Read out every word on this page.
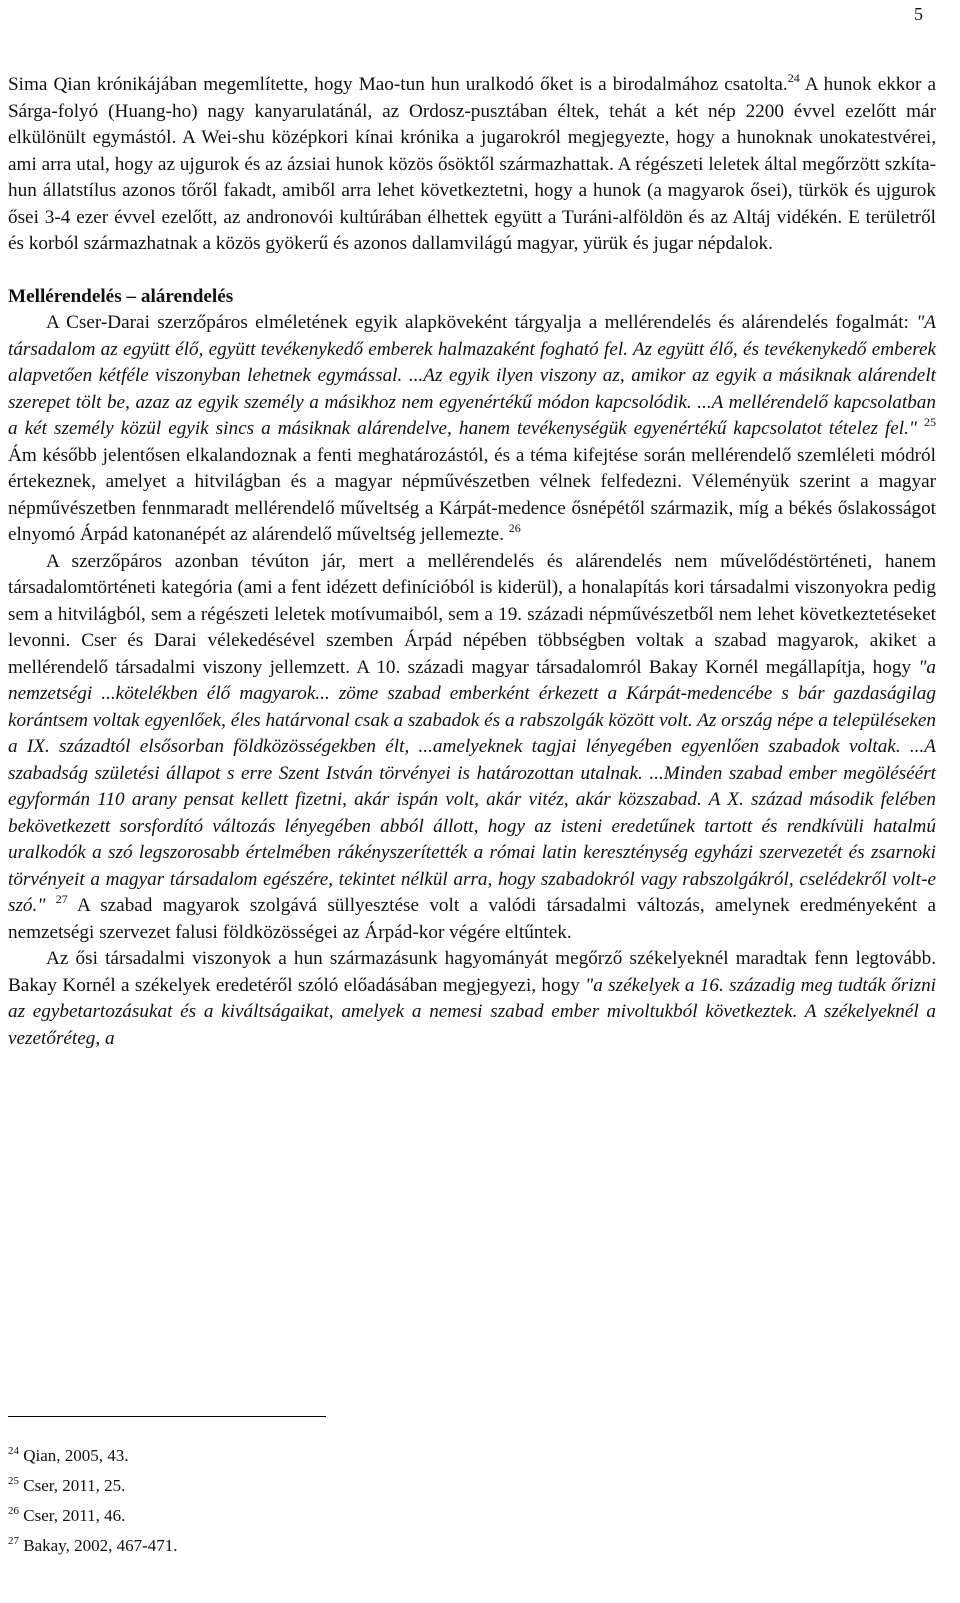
5

Sima Qian krónikájában megemlítette, hogy Mao-tun hun uralkodó őket is a birodalmához csatolta.$^{24}$ A hunok ekkor a Sárga-folyó (Huang-ho) nagy kanyarulatánál, az Ordosz-pusztában éltek, tehát a két nép 2200 évvel ezelőtt már elkülönült egymástól. A Wei-shu középkori kínai krónika a jugarokról megjegyezte, hogy a hunoknak unokatestvérei, ami arra utal, hogy az ujgurok és az ázsiai hunok közös ősöktől származhattak. A régészeti leletek által megőrzött szkíta-hun állatstílus azonos tőről fakadt, amiből arra lehet következtetni, hogy a hunok (a magyarok ősei), türkök és ujgurok ősei 3-4 ezer évvel ezelőtt, az andronovói kultúrában élhettek együtt a Turáni-alföldön és az Altáj vidékén. E területről és korból származhatnak a közös gyökerű és azonos dallamvilágú magyar, yürük és jugar népdalok.

Mellérendelés – alárendelés

A Cser-Darai szerzőpáros elméletének egyik alapköveként tárgyalja a mellérendelés és alárendelés fogalmát: "A társadalom az együtt élő, együtt tevékenykedő emberek halmazaként fogható fel. Az együtt élő, és tevékenykedő emberek alapvetően kétféle viszonyban lehetnek egymással. ...Az egyik ilyen viszony az, amikor az egyik a másiknak alárendelt szerepet tölt be, azaz az egyik személy a másikhoz nem egyenértékű módon kapcsolódik. ...A mellérendelő kapcsolatban a két személy közül egyik sincs a másiknak alárendelve, hanem tevékenységük egyenértékű kapcsolatot tételez fel." $^{25}$ Ám később jelentősen elkalandoznak a fenti meghatározástól, és a téma kifejtése során mellérendelő szemléleti módról értekeznek, amelyet a hitvilágban és a magyar népművészetben vélnek felfedezni. Véleményük szerint a magyar népművészetben fennmaradt mellérendelő műveltség a Kárpát-medence ősnépétől származik, míg a békés őslakosságot elnyomó Árpád katonanépét az alárendelő műveltség jellemezte. $^{26}$

A szerzőpáros azonban tévúton jár, mert a mellérendelés és alárendelés nem művelődéstörténeti, hanem társadalomtörténeti kategória (ami a fent idézett definícióból is kiderül), a honalapítás kori társadalmi viszonyokra pedig sem a hitvilágból, sem a régészeti leletek motívumaiból, sem a 19. századi népművészetből nem lehet következtetéseket levonni. Cser és Darai vélekedésével szemben Árpád népében többségben voltak a szabad magyarok, akiket a mellérendelő társadalmi viszony jellemzett. A 10. századi magyar társadalomról Bakay Kornél megállapítja, hogy "a nemzetségi ...kötelékben élő magyarok... zöme szabad emberként érkezett a Kárpát-medencébe s bár gazdaságilag korántsem voltak egyenlőek, éles határvonal csak a szabadok és a rabszolgák között volt. Az ország népe a településeken a IX. századtól elsősorban földközösségekben élt, ...amelyeknek tagjai lényegében egyenlően szabadok voltak. ...A szabadság születési állapot s erre Szent István törvényei is határozottan utalnak. ...Minden szabad ember megöléséért egyformán 110 arany pensat kellett fizetni, akár ispán volt, akár vitéz, akár közszabad. A X. század második felében bekövetkezett sorsfordító változás lényegében abból állott, hogy az isteni eredetűnek tartott és rendkívüli hatalmú uralkodók a szó legszorosabb értelmében rákényszerítették a római latin kereszténység egyházi szervezetét és zsarnoki törvényeit a magyar társadalom egészére, tekintet nélkül arra, hogy szabadokról vagy rabszolgákról, cselédekről volt-e szó." $^{27}$ A szabad magyarok szolgává süllyesztése volt a valódi társadalmi változás, amelynek eredményeként a nemzetségi szervezet falusi földközösségei az Árpád-kor végére eltűntek.

Az ősi társadalmi viszonyok a hun származásunk hagyományát megőrző székelyeknél maradtak fenn legtovább. Bakay Kornél a székelyek eredetéről szóló előadásában megjegyezi, hogy "a székelyek a 16. századig meg tudták őrizni az egybetartozásukat és a kiváltságaikat, amelyek a nemesi szabad ember mivoltukból következtek. A székelyeknél a vezetőréteg, a

$^{24}$ Qian, 2005, 43.
$^{25}$ Cser, 2011, 25.
$^{26}$ Cser, 2011, 46.
$^{27}$ Bakay, 2002, 467-471.
